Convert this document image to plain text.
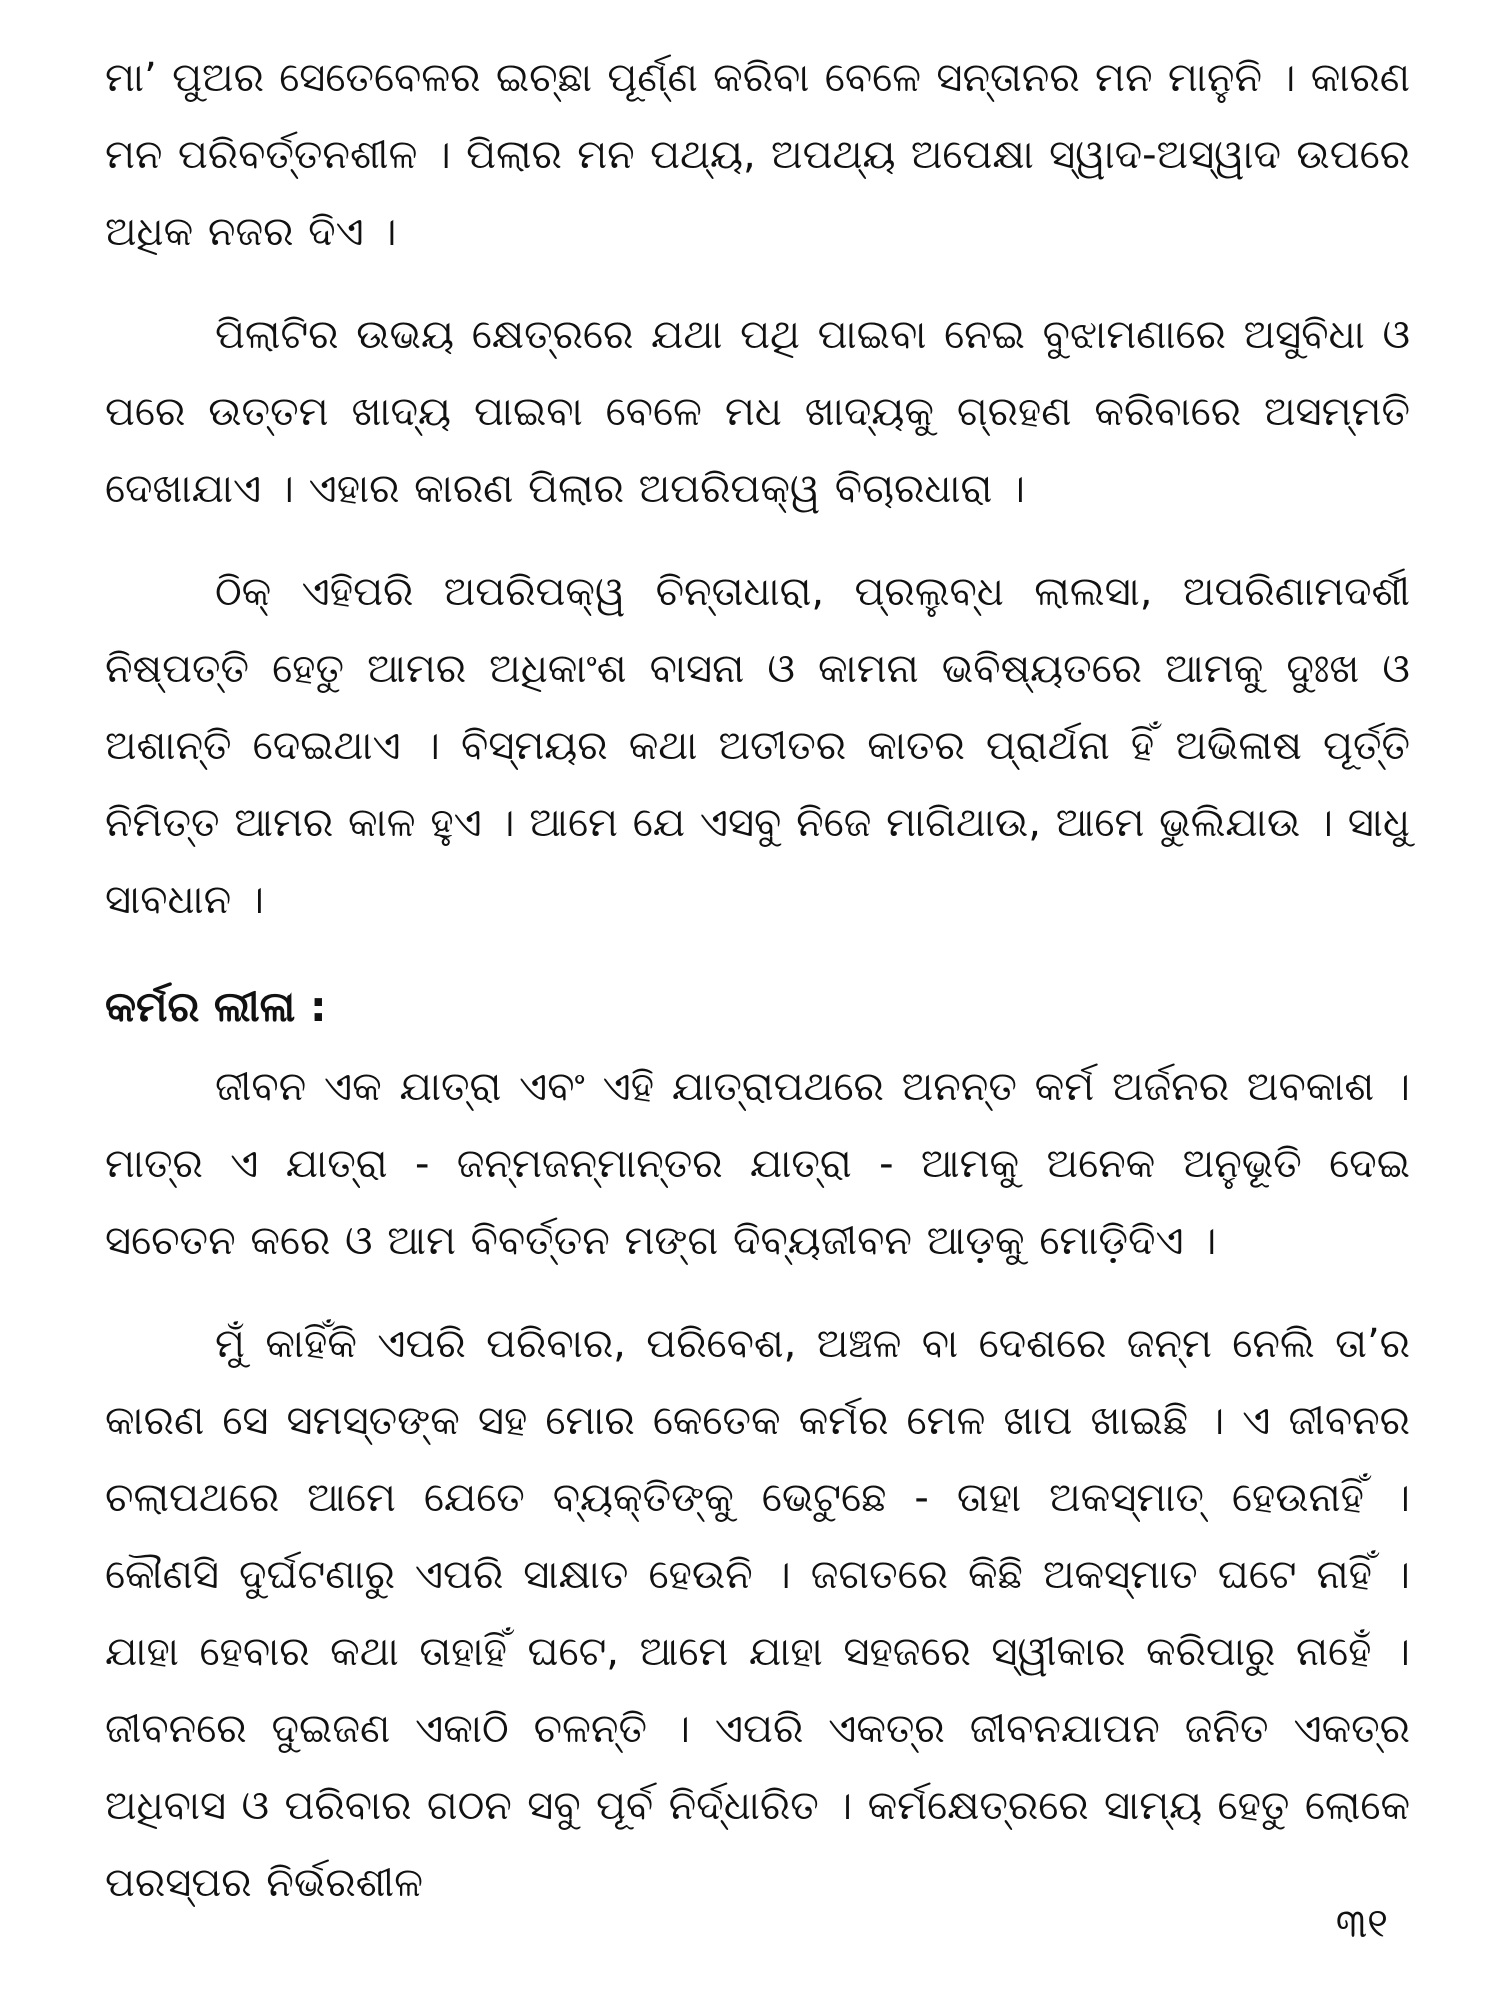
ମା’ ପୁଅର ସେତେବେଳର ଇଚ୍ଛା ପୂର୍ଣ୍ଣ କରିବା ବେଳେ ସନ୍ତାନର ମନ ମାନୁନି । କାରଣ ମନ ପରିବର୍ତ୍ତନଶୀଳ । ପିଲାର ମନ ପଥ୍ୟ, ଅପଥ୍ୟ ଅପେକ୍ଷା ସ୍ୱାଦ-ଅସ୍ୱାଦ ଉପରେ ଅଧିକ ନଜର ଦିଏ ।

ପିଲାଟିର ଉଭୟ କ୍ଷେତ୍ରରେ ଯଥା ପଥି ପାଇବା ନେଇ ବୁଝାମଣାରେ ଅସୁବିଧା ଓ ପରେ ଉତ୍ତମ ଖାଦ୍ୟ ପାଇବା ବେଳେ ମଧ ଖାଦ୍ୟକୁ ଗ୍ରହଣ କରିବାରେ ଅସମ୍ମତି ଦେଖାଯାଏ । ଏହାର କାରଣ ପିଲାର ଅପରିପକ୍ୱ ବିଚାରଧାରା ।

ଠିକ୍ ଏହିପରି ଅପରିପକ୍ୱ ଚିନ୍ତାଧାରା, ପ୍ରଲୁବ୍ଧ ଲାଲସା, ଅପରିଣାମଦର୍ଶୀ ନିଷ୍ପତ୍ତି ହେତୁ ଆମର ଅଧିକାଂଶ ବାସନା ଓ କାମନା ଭବିଷ୍ୟତରେ ଆମକୁ ଦୁଃଖ ଓ ଅଶାନ୍ତି ଦେଇଥାଏ । ବିସ୍ମୟର କଥା ଅତୀତର କାତର ପ୍ରାର୍ଥନା ହିଁ ଅଭିଳାଷ ପୂର୍ତ୍ତି ନିମିତ୍ତ ଆମର କାଳ ହୁଏ । ଆମେ ଯେ ଏସବୁ ନିଜେ ମାଗିଥାଉ, ଆମେ ଭୁଲିଯାଉ । ସାଧୁ ସାବଧାନ ।

କର୍ମର ଲୀଳା :

ଜୀବନ ଏକ ଯାତ୍ରା ଏବଂ ଏହି ଯାତ୍ରାପଥରେ ଅନନ୍ତ କର୍ମ ଅର୍ଜନର ଅବକାଶ । ମାତ୍ର ଏ ଯାତ୍ରା - ଜନ୍ମଜନ୍ମାନ୍ତର ଯାତ୍ରା - ଆମକୁ ଅନେକ ଅନୁଭୂତି ଦେଇ ସଚେତନ କରେ ଓ ଆମ ବିବର୍ତ୍ତନ ମଙ୍ଗ ଦିବ୍ୟଜୀବନ ଆଡ଼କୁ ମୋଡ଼ିଦିଏ ।

ମୁଁ କାହିଁକି ଏପରି ପରିବାର, ପରିବେଶ, ଅଞ୍ଚଳ ବା ଦେଶରେ ଜନ୍ମ ନେଲି ତା’ର କାରଣ ସେ ସମସ୍ତଙ୍କ ସହ ମୋର କେତେକ କର୍ମର ମେଳ ଖାପ ଖାଇଛି । ଏ ଜୀବନର ଚଲାପଥରେ ଆମେ ଯେତେ ବ୍ୟକ୍ତିଙ୍କୁ ଭେଟୁଛେ - ତାହା ଅକସ୍ମାତ୍ ହେଉନାହିଁ । କୌଣସି ଦୁର୍ଘଟଣାରୁ ଏପରି ସାକ୍ଷାତ ହେଉନି । ଜଗତରେ କିଛି ଅକସ୍ମାତ ଘଟେ ନାହିଁ । ଯାହା ହେବାର କଥା ତାହାହିଁ ଘଟେ, ଆମେ ଯାହା ସହଜରେ ସ୍ୱୀକାର କରିପାରୁ ନାହେଁ । ଜୀବନରେ ଦୁଇଜଣ ଏକାଠି ଚଳନ୍ତି । ଏପରି ଏକତ୍ର ଜୀବନଯାପନ ଜନିତ ଏକତ୍ର ଅଧିବାସ ଓ ପରିବାର ଗଠନ ସବୁ ପୂର୍ବ ନିର୍ଦ୍ଧାରିତ । କର୍ମକ୍ଷେତ୍ରରେ ସାମ୍ୟ ହେତୁ ଲୋକେ ପରସ୍ପର ନିର୍ଭରଶୀଳ

୩୧
